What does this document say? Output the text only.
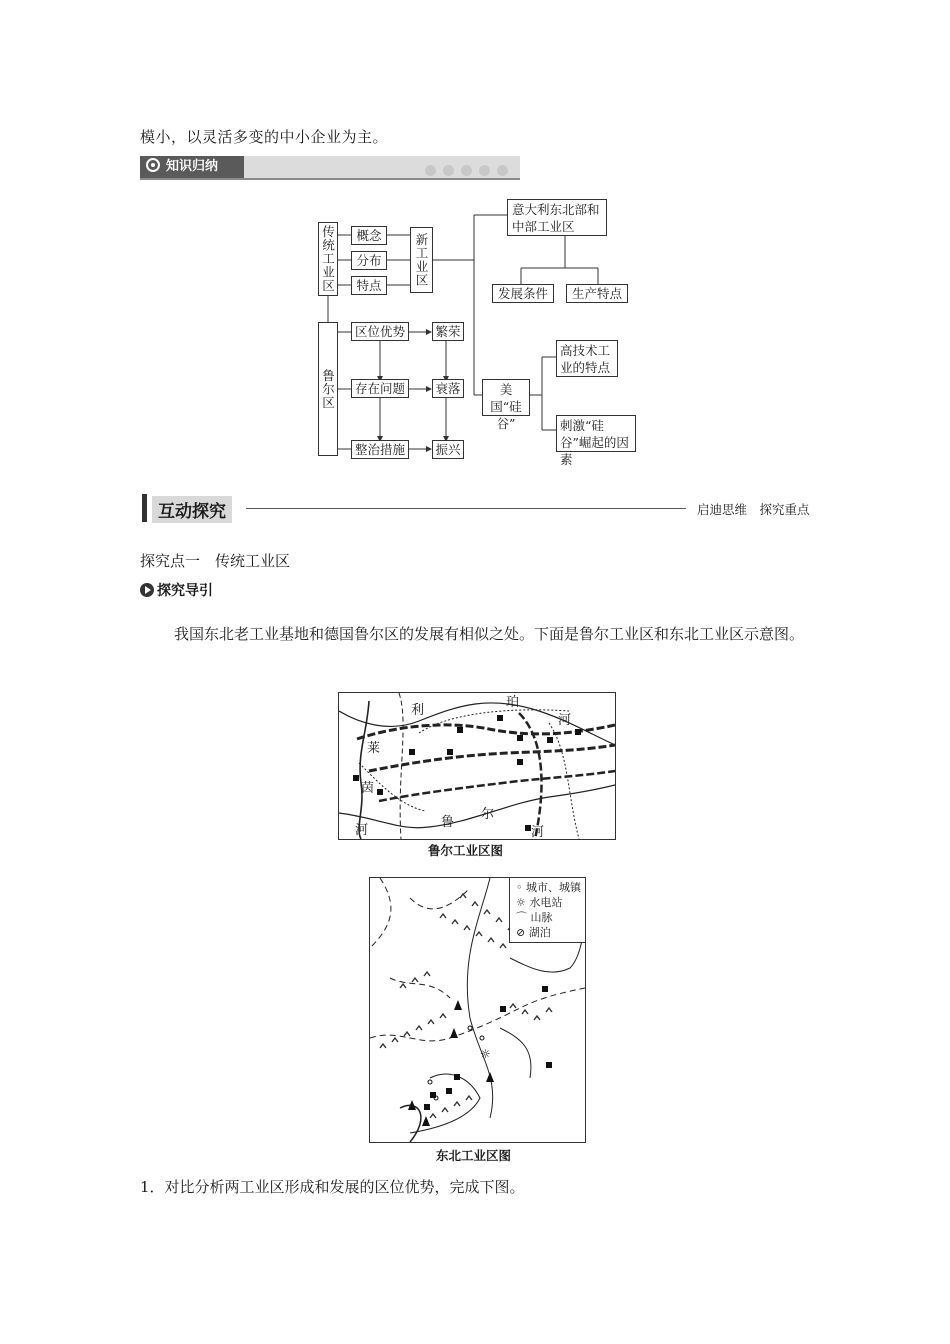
模小，以灵活多变的中小企业为主。
知识归纳
传统工业区	概念
分布
特点	新工业区
意大利东北部和中部工业区
发展条件	生产特点
鲁尔区
区位优势	繁荣
存在问题	衰落
整治措施	振兴
美国“硅谷”
高技术工业的特点
刺激“硅谷”崛起的因素
互动探究	启迪思维　探究重点
探究点一　传统工业区
探究导引
我国东北老工业基地和德国鲁尔区的发展有相似之处。下面是鲁尔工业区和东北工业区示意图。
利
珀
河
莱
茵
河
鲁
尔
河
鲁尔工业区图
☼
◦ 城市、城镇
☼ 水电站
⌒ 山脉
⊘ 湖泊
东北工业区图
1．对比分析两工业区形成和发展的区位优势，完成下图。
